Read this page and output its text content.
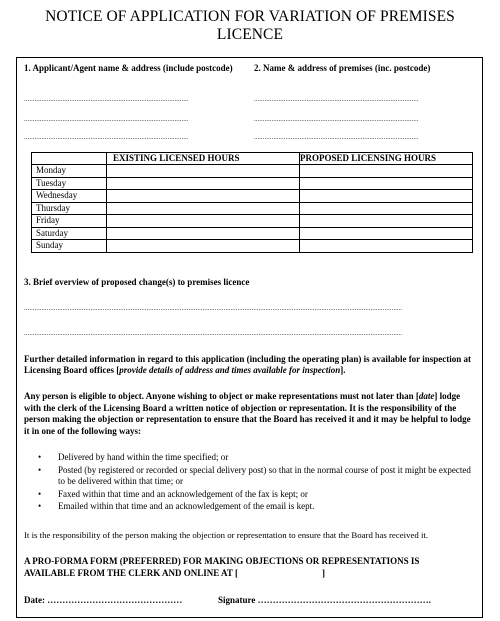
NOTICE OF APPLICATION FOR VARIATION OF PREMISES
LICENCE
1. Applicant/Agent name & address (include postcode)	2. Name & address of premises (inc. postcode)
..............................................................................................
..............................................................................................
..............................................................................................
..............................................................................................
..............................................................................................
..............................................................................................
	EXISTING LICENSED HOURS	PROPOSED LICENSING HOURS
Monday		
Tuesday		
Wednesday		
Thursday		
Friday		
Saturday		
Sunday		
3. Brief overview of proposed change(s) to premises licence
........................................................................................................................................................................................................................
........................................................................................................................................................................................................................
Further detailed information in regard to this application (including the operating plan) is available for inspection at Licensing Board offices [provide details of address and times available for inspection].
Any person is eligible to object. Anyone wishing to object or make representations must not later than [date] lodge with the clerk of the Licensing Board a written notice of objection or representation. It is the responsibility of the person making the objection or representation to ensure that the Board has received it and it may be helpful to lodge it in one of the following ways:
• Delivered by hand within the time specified; or
• Posted (by registered or recorded or special delivery post) so that in the normal course of post it might be expected to be delivered within that time; or
• Faxed within that time and an acknowledgement of the fax is kept; or
• Emailed within that time and an acknowledgement of the email is kept.
It is the responsibility of the person making the objection or representation to ensure that the Board has received it.
A PRO-FORMA FORM (PREFERRED) FOR MAKING OBJECTIONS OR REPRESENTATIONS IS
AVAILABLE FROM THE CLERK AND ONLINE AT [	]
Date: ………………………………………	Signature ………………………………………………….
